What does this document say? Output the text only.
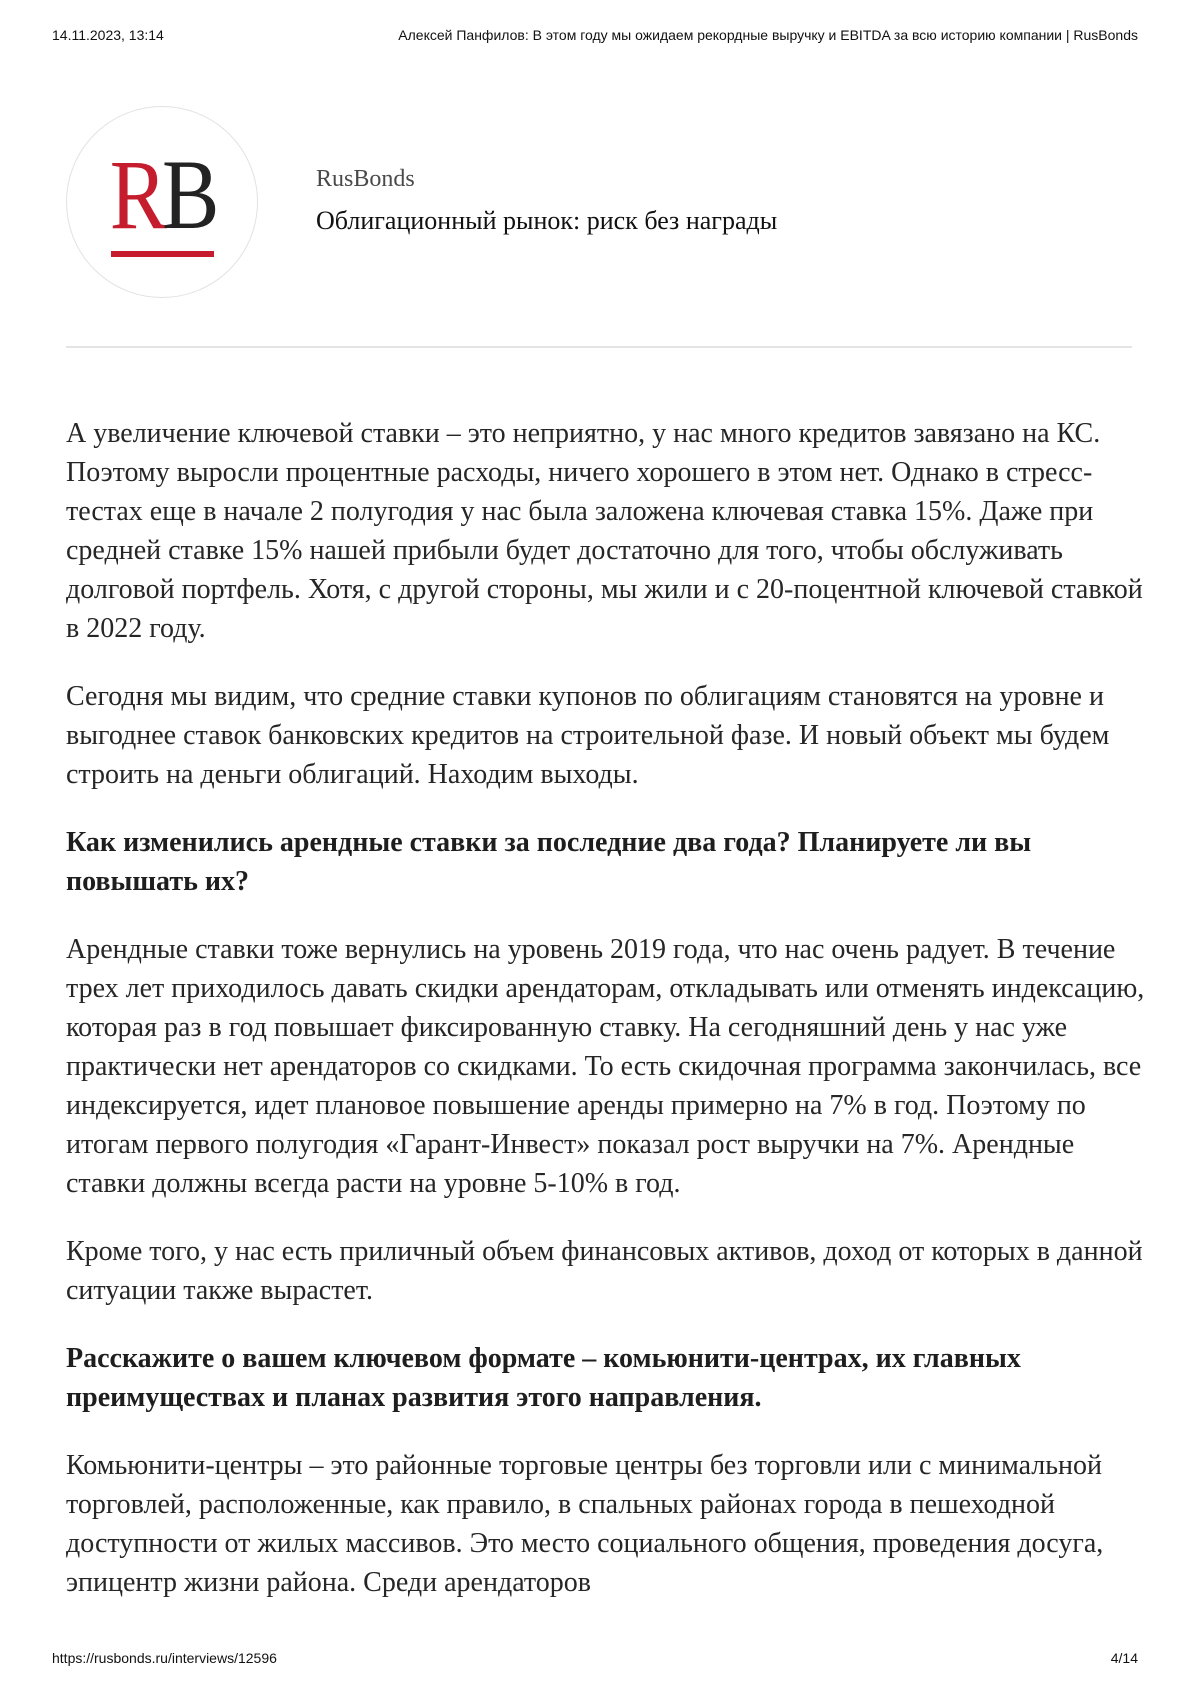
14.11.2023, 13:14	Алексей Панфилов: В этом году мы ожидаем рекордные выручку и EBITDA за всю историю компании | RusBonds
RB	RusBonds
Облигационный рынок: риск без награды

А увеличение ключевой ставки – это неприятно, у нас много кредитов завязано на КС. Поэтому выросли процентные расходы, ничего хорошего в этом нет. Однако в стресс-тестах еще в начале 2 полугодия у нас была заложена ключевая ставка 15%. Даже при средней ставке 15% нашей прибыли будет достаточно для того, чтобы обслуживать долговой портфель. Хотя, с другой стороны, мы жили и с 20-поцентной ключевой ставкой в 2022 году.

Сегодня мы видим, что средние ставки купонов по облигациям становятся на уровне и выгоднее ставок банковских кредитов на строительной фазе. И новый объект мы будем строить на деньги облигаций. Находим выходы.

Как изменились арендные ставки за последние два года? Планируете ли вы повышать их?

Арендные ставки тоже вернулись на уровень 2019 года, что нас очень радует. В течение трех лет приходилось давать скидки арендаторам, откладывать или отменять индексацию, которая раз в год повышает фиксированную ставку. На сегодняшний день у нас уже практически нет арендаторов со скидками. То есть скидочная программа закончилась, все индексируется, идет плановое повышение аренды примерно на 7% в год. Поэтому по итогам первого полугодия «Гарант-Инвест» показал рост выручки на 7%. Арендные ставки должны всегда расти на уровне 5-10% в год.

Кроме того, у нас есть приличный объем финансовых активов, доход от которых в данной ситуации также вырастет.

Расскажите о вашем ключевом формате – комьюнити-центрах, их главных преимуществах и планах развития этого направления.

Комьюнити-центры – это районные торговые центры без торговли или с минимальной торговлей, расположенные, как правило, в спальных районах города в пешеходной доступности от жилых массивов. Это место социального общения, проведения досуга, эпицентр жизни района. Среди арендаторов

https://rusbonds.ru/interviews/12596	4/14
